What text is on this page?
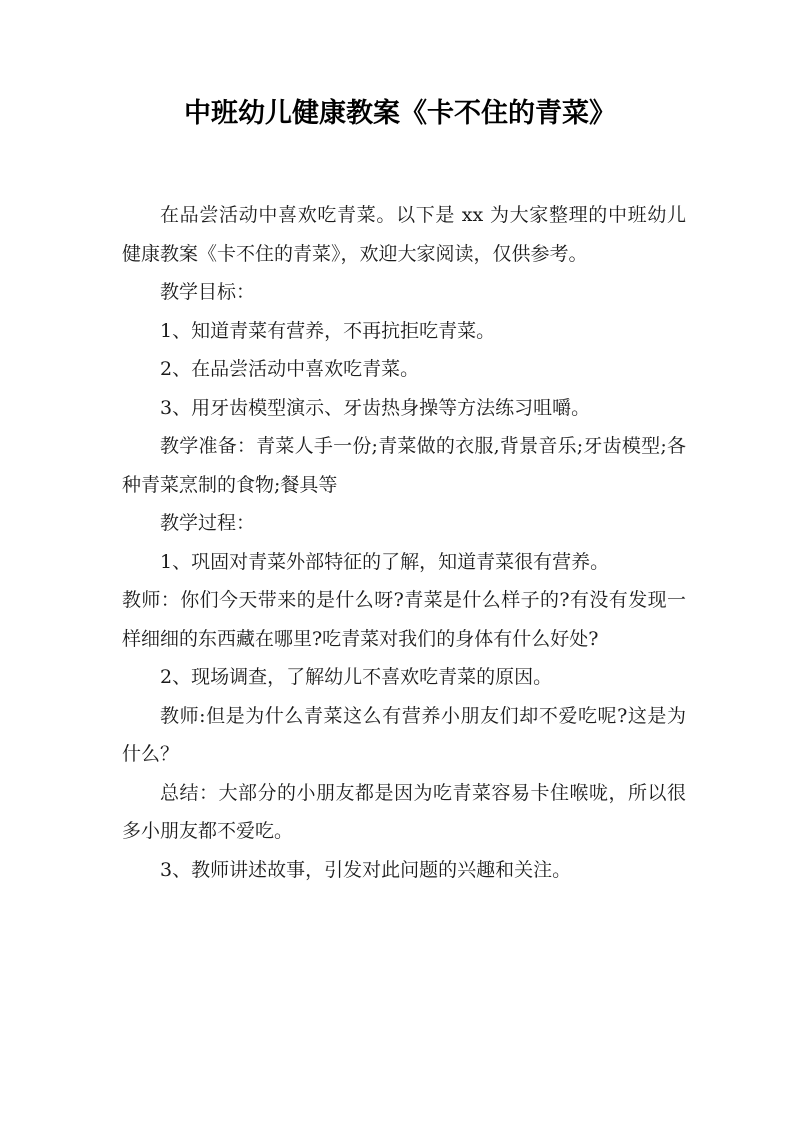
中班幼儿健康教案《卡不住的青菜》

在品尝活动中喜欢吃青菜。以下是 xx 为大家整理的中班幼儿健康教案《卡不住的青菜》，欢迎大家阅读，仅供参考。

教学目标：

1、知道青菜有营养，不再抗拒吃青菜。

2、在品尝活动中喜欢吃青菜。

3、用牙齿模型演示、牙齿热身操等方法练习咀嚼。

教学准备：青菜人手一份;青菜做的衣服,背景音乐;牙齿模型;各种青菜烹制的食物;餐具等

教学过程：

1、巩固对青菜外部特征的了解，知道青菜很有营养。

教师：你们今天带来的是什么呀?青菜是什么样子的?有没有发现一样细细的东西藏在哪里?吃青菜对我们的身体有什么好处?

2、现场调查，了解幼儿不喜欢吃青菜的原因。

教师:但是为什么青菜这么有营养小朋友们却不爱吃呢?这是为什么？

总结：大部分的小朋友都是因为吃青菜容易卡住喉咙，所以很多小朋友都不爱吃。

3、教师讲述故事，引发对此问题的兴趣和关注。
